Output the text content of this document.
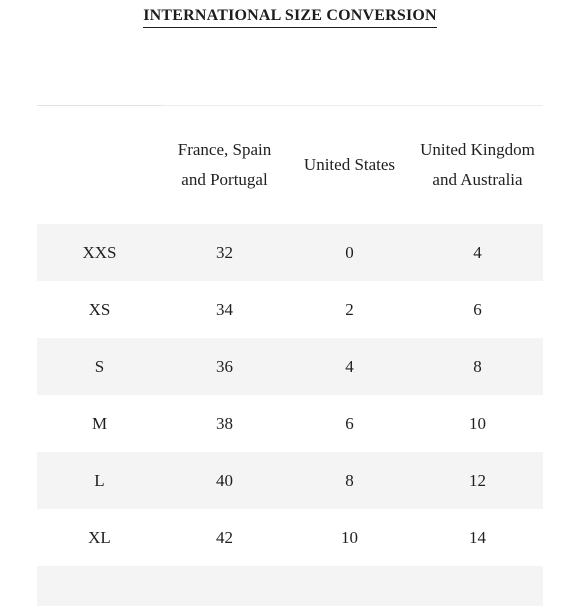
INTERNATIONAL SIZE CONVERSION
	France, Spain and Portugal	United States	United Kingdom and Australia
XXS	32	0	4
XS	34	2	6
S	36	4	8
M	38	6	10
L	40	8	12
XL	42	10	14
